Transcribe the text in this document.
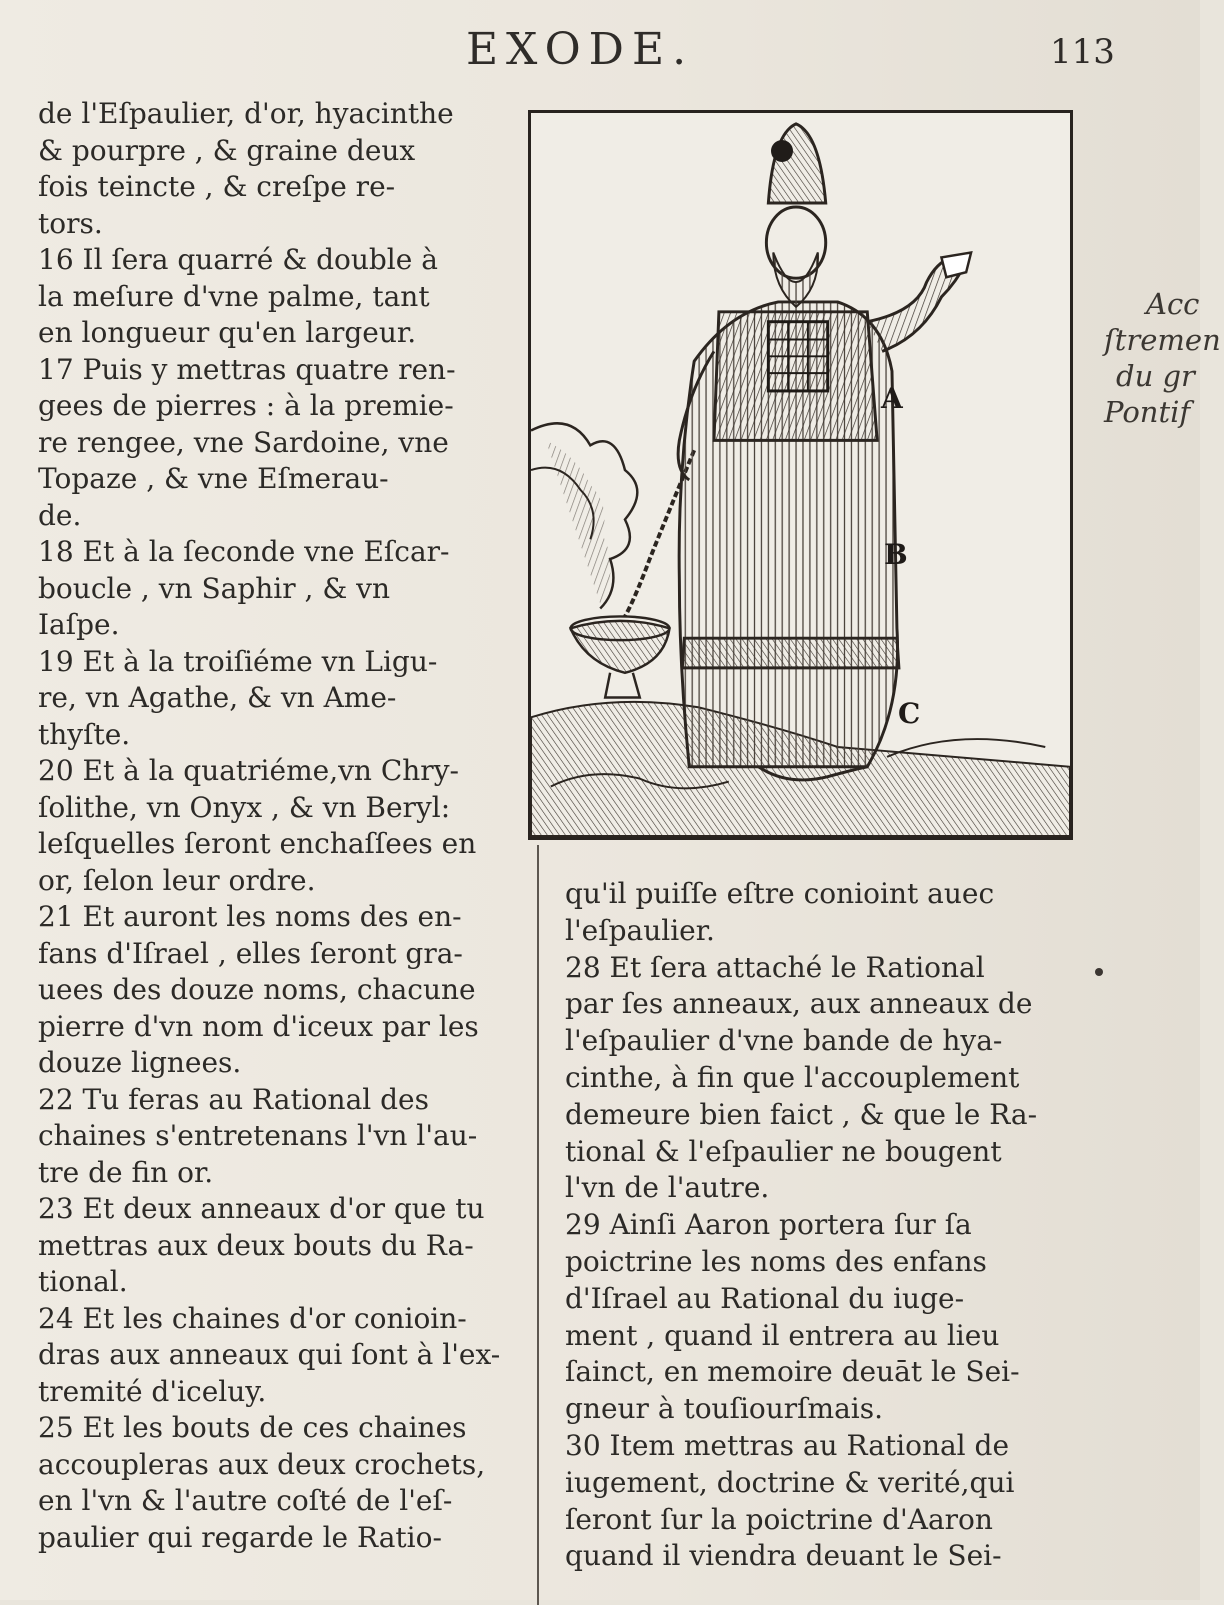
EXODE.	113

A
B
C
Acc
ſtremen
du gr
Pontif
de l'Eſpaulier, d'or, hyacinthe
& pourpre , & graine deux
fois teincte , & creſpe re-
tors.
16 Il ſera quarré & double à
la meſure d'vne palme, tant
en longueur qu'en largeur.
17 Puis y mettras quatre ren-
gees de pierres : à la premie-
re rengee, vne Sardoine, vne
Topaze , & vne Eſmerau-
de.
18 Et à la ſeconde vne Eſcar-
boucle , vn Saphir , & vn
Iaſpe.
19 Et à la troiſiéme vn Ligu-
re, vn Agathe, & vn Ame-
thyſte.
20 Et à la quatriéme,vn Chry-
ſolithe, vn Onyx , & vn Beryl:
leſquelles ſeront enchaſſees en
or, ſelon leur ordre.
21 Et auront les noms des en-
fans d'Iſrael , elles ſeront gra-
uees des douze noms, chacune
pierre d'vn nom d'iceux par les
douze lignees.
22 Tu feras au Rational des
chaines s'entretenans l'vn l'au-
tre de fin or.
23 Et deux anneaux d'or que tu
mettras aux deux bouts du Ra-
tional.
24 Et les chaines d'or conioin-
dras aux anneaux qui ſont à l'ex-
tremité d'iceluy.
25 Et les bouts de ces chaines
accoupleras aux deux crochets,
en l'vn & l'autre coſté de l'eſ-
paulier qui regarde le Ratio-
qu'il puiſſe eſtre conioint auec
l'eſpaulier.
28 Et ſera attaché le Rational
par ſes anneaux, aux anneaux de
l'eſpaulier d'vne bande de hya-
cinthe, à fin que l'accouplement
demeure bien faict , & que le Ra-
tional & l'eſpaulier ne bougent
l'vn de l'autre.
29 Ainſi Aaron portera ſur ſa
poictrine les noms des enfans
d'Iſrael au Rational du iuge-
ment , quand il entrera au lieu
ſainct, en memoire deuāt le Sei-
gneur à touſiourſmais.
30 Item mettras au Rational de
iugement, doctrine & verité,qui
ſeront ſur la poictrine d'Aaron
quand il viendra deuant le Sei-
